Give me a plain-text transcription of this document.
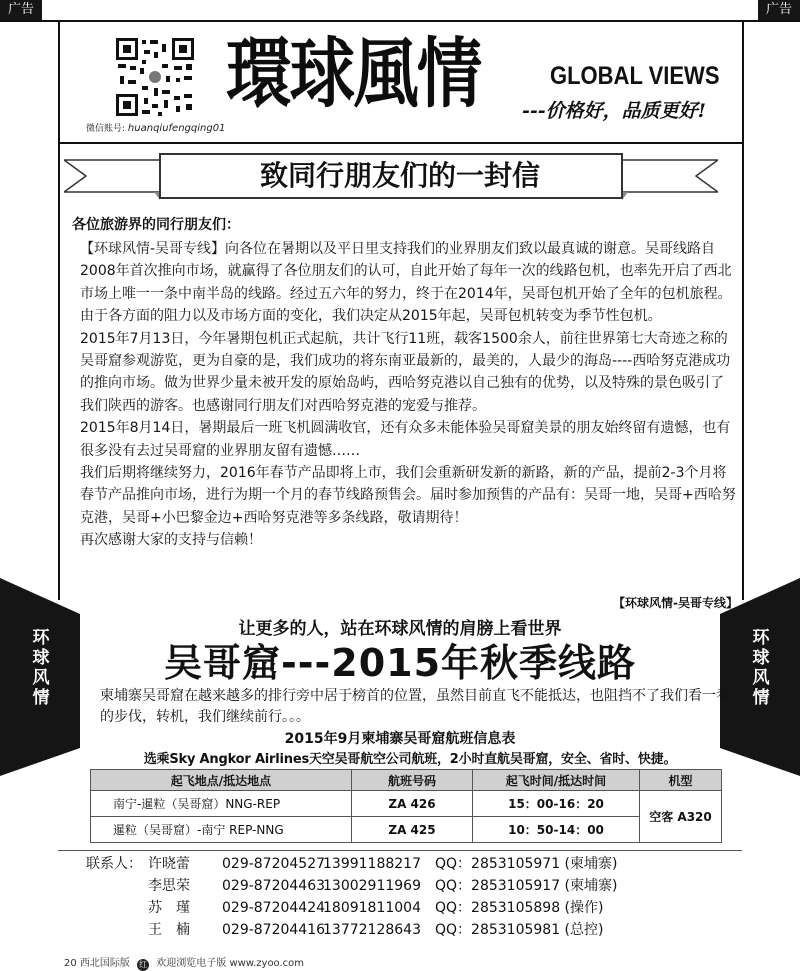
广告	广告
微信账号: huanqiufengqing01
環球風情	GLOBAL VIEWS
---价格好，品质更好!
致同行朋友们的一封信
各位旅游界的同行朋友们：

【环球风情-吴哥专线】向各位在暑期以及平日里支持我们的业界朋友们致以最真诚的谢意。吴哥线路自2008年首次推向市场，就赢得了各位朋友们的认可，自此开始了每年一次的线路包机，也率先开启了西北市场上唯一一条中南半岛的线路。经过五六年的努力，终于在2014年，吴哥包机开始了全年的包机旅程。由于各方面的阻力以及市场方面的变化，我们决定从2015年起，吴哥包机转变为季节性包机。

2015年7月13日，今年暑期包机正式起航，共计飞行11班，载客1500余人，前往世界第七大奇迹之称的吴哥窟参观游览，更为自豪的是，我们成功的将东南亚最新的，最美的，人最少的海岛----西哈努克港成功的推向市场。做为世界少量未被开发的原始岛屿，西哈努克港以自己独有的优势，以及特殊的景色吸引了我们陕西的游客。也感谢同行朋友们对西哈努克港的宠爱与推荐。

2015年8月14日，暑期最后一班飞机圆满收官，还有众多未能体验吴哥窟美景的朋友始终留有遗憾，也有很多没有去过吴哥窟的业界朋友留有遗憾……

我们后期将继续努力，2016年春节产品即将上市，我们会重新研发新的新路，新的产品，提前2-3个月将春节产品推向市场，进行为期一个月的春节线路预售会。届时参加预售的产品有：吴哥一地，吴哥+西哈努克港，吴哥+小巴黎金边+西哈努克港等多条线路，敬请期待！

再次感谢大家的支持与信赖！

【环球风情-吴哥专线】
环球风情
环球风情
让更多的人，站在环球风情的肩膀上看世界
吴哥窟---2015年秋季线路
柬埔寨吴哥窟在越来越多的排行旁中居于榜首的位置，虽然目前直飞不能抵达，也阻挡不了我们看一看的步伐，转机，我们继续前行。。。
2015年9月柬埔寨吴哥窟航班信息表
选乘Sky Angkor Airlines天空吴哥航空公司航班，2小时直航吴哥窟，安全、省时、快捷。
起飞地点/抵达地点	航班号码	起飞时间/抵达时间	机型
南宁-暹粒（吴哥窟）NNG-REP	ZA 426	15：00-16：20	空客 A320
暹粒（吴哥窟）-南宁 REP-NNG	ZA 425	10：50-14：00	
联系人： 许晓蕾 029-8720452713991188217 QQ：2853105971 (柬埔寨)
李思荣 029-8720446313002911969 QQ：2853105917 (柬埔寨)
苏　瑾 029-8720442418091811004 QQ：2853105898 (操作)
王　楠 029-8720441613772128643 QQ：2853105981 (总控)
20 西北国际版 红 欢迎浏览电子版 www.zyoo.com
